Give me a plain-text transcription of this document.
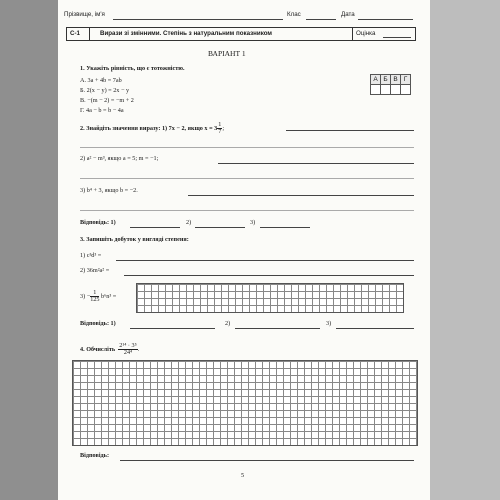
Прізвище, ім'я	Клас	Дата
C-1	Вирази зі змінними. Степінь з натуральним показником	Оцінка
ВАРІАНТ 1
1. Укажіть рівність, що є тотожністю.
А. 3a + 4b = 7ab
Б. 2(x − y) = 2x − y
В. −(m − 2) = −m + 2
Г. 4a − b = b − 4a
А Б В Г
2. Знайдіть значення виразу: 1) 7x − 2, якщо $x = 3 \frac{1}{7}$ ;
2) a² − m³, якщо a = 5; m = −1;
3) b⁴ + 3, якщо b = −2.
Відповідь: 1)	2)	3)
3. Запишіть добуток у вигляді степеня:
1) c³d³ =
2) 36m²a² =
$3) - \frac{1}{125} b^6n^3$ =
Відповідь: 1)	2)	3)
4. Обчисліть $\frac{\text{2¹⁴ · 3⁵}}{\text{24⁴}}$ .
Відповідь:
5
